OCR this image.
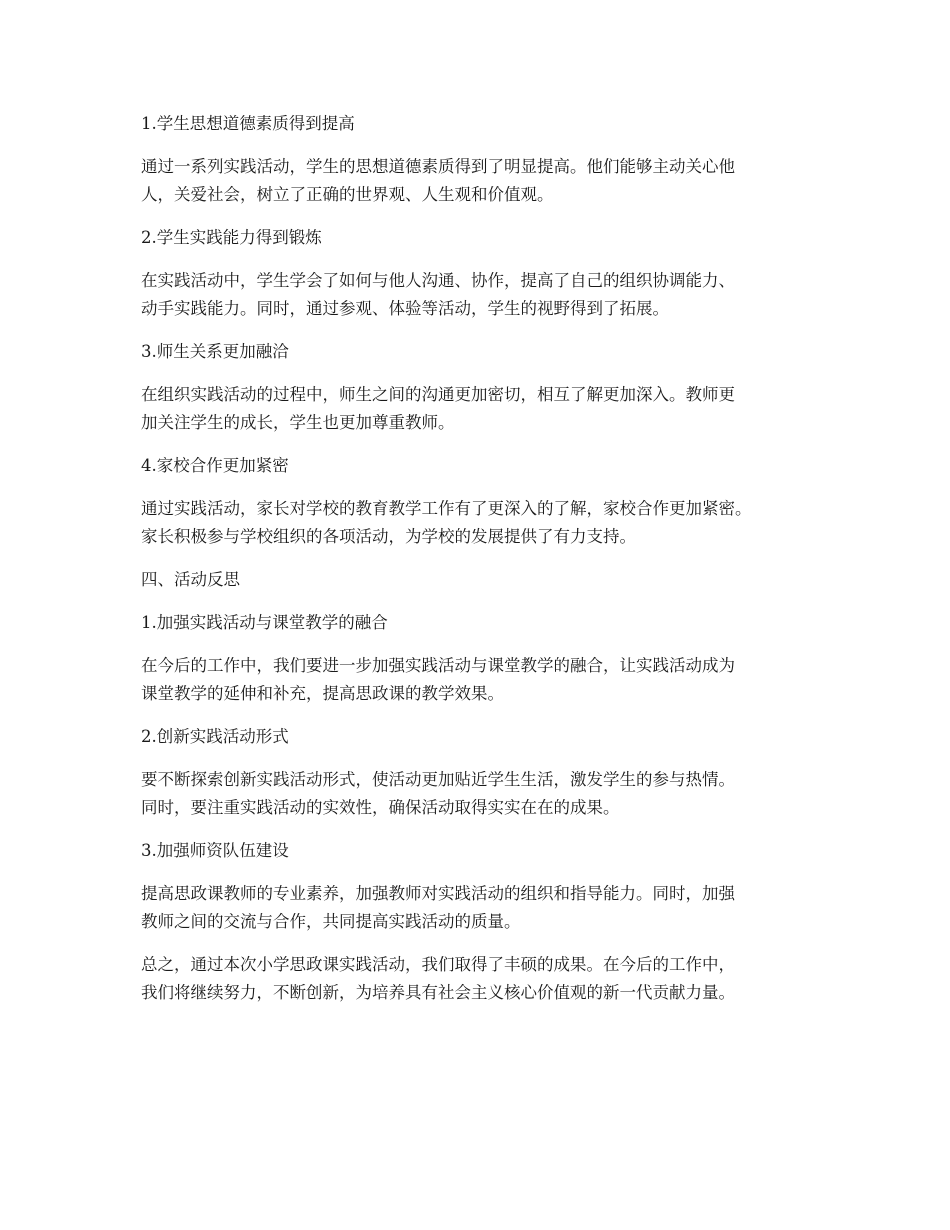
1.学生思想道德素质得到提高
通过一系列实践活动，学生的思想道德素质得到了明显提高。他们能够主动关心他
人，关爱社会，树立了正确的世界观、人生观和价值观。
2.学生实践能力得到锻炼
在实践活动中，学生学会了如何与他人沟通、协作，提高了自己的组织协调能力、
动手实践能力。同时，通过参观、体验等活动，学生的视野得到了拓展。
3.师生关系更加融洽
在组织实践活动的过程中，师生之间的沟通更加密切，相互了解更加深入。教师更
加关注学生的成长，学生也更加尊重教师。
4.家校合作更加紧密
通过实践活动，家长对学校的教育教学工作有了更深入的了解，家校合作更加紧密。
家长积极参与学校组织的各项活动，为学校的发展提供了有力支持。
四、活动反思
1.加强实践活动与课堂教学的融合
在今后的工作中，我们要进一步加强实践活动与课堂教学的融合，让实践活动成为
课堂教学的延伸和补充，提高思政课的教学效果。
2.创新实践活动形式
要不断探索创新实践活动形式，使活动更加贴近学生生活，激发学生的参与热情。
同时，要注重实践活动的实效性，确保活动取得实实在在的成果。
3.加强师资队伍建设
提高思政课教师的专业素养，加强教师对实践活动的组织和指导能力。同时，加强
教师之间的交流与合作，共同提高实践活动的质量。
总之，通过本次小学思政课实践活动，我们取得了丰硕的成果。在今后的工作中，
我们将继续努力，不断创新，为培养具有社会主义核心价值观的新一代贡献力量。
